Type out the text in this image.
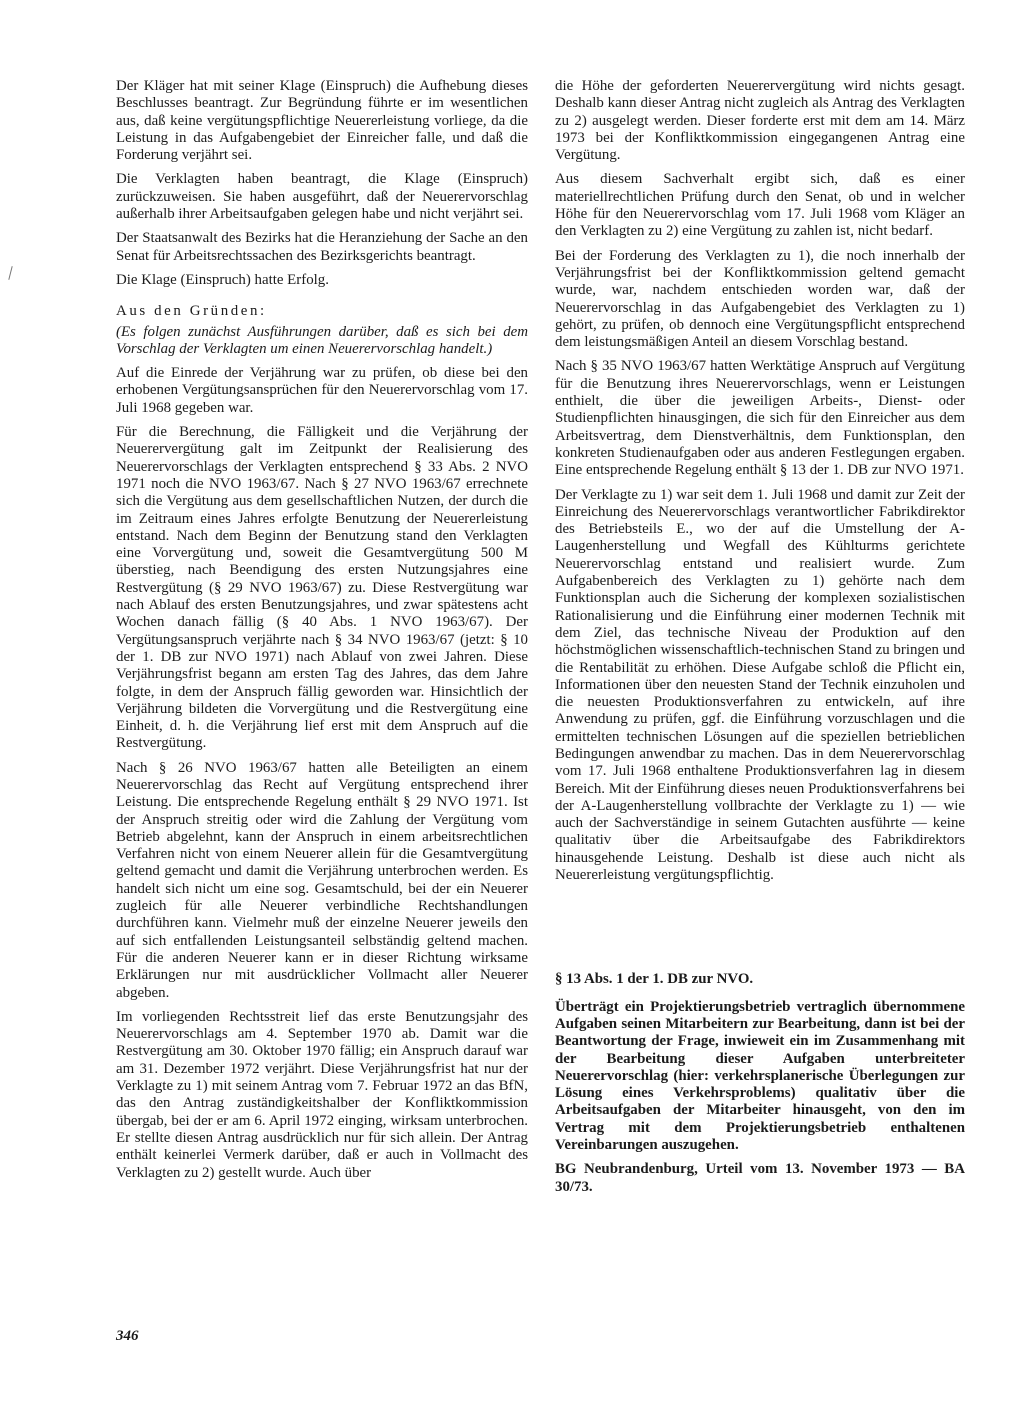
Der Kläger hat mit seiner Klage (Einspruch) die Aufhebung dieses Beschlusses beantragt. Zur Begründung führte er im wesentlichen aus, daß keine vergütungspflichtige Neuererleistung vorliege, da die Leistung in das Aufgabengebiet der Einreicher falle, und daß die Forderung verjährt sei.

Die Verklagten haben beantragt, die Klage (Einspruch) zurückzuweisen. Sie haben ausgeführt, daß der Neuerervorschlag außerhalb ihrer Arbeitsaufgaben gelegen habe und nicht verjährt sei.

Der Staatsanwalt des Bezirks hat die Heranziehung der Sache an den Senat für Arbeitsrechtssachen des Bezirksgerichts beantragt.

Die Klage (Einspruch) hatte Erfolg.

Aus den Gründen:

(Es folgen zunächst Ausführungen darüber, daß es sich bei dem Vorschlag der Verklagten um einen Neuerervorschlag handelt.)

Auf die Einrede der Verjährung war zu prüfen, ob diese bei den erhobenen Vergütungsansprüchen für den Neuerervorschlag vom 17. Juli 1968 gegeben war.

Für die Berechnung, die Fälligkeit und die Verjährung der Neuerervergütung galt im Zeitpunkt der Realisierung des Neuerervorschlags der Verklagten entsprechend § 33 Abs. 2 NVO 1971 noch die NVO 1963/67. Nach § 27 NVO 1963/67 errechnete sich die Vergütung aus dem gesellschaftlichen Nutzen, der durch die im Zeitraum eines Jahres erfolgte Benutzung der Neuererleistung entstand. Nach dem Beginn der Benutzung stand den Verklagten eine Vorvergütung und, soweit die Gesamtvergütung 500 M überstieg, nach Beendigung des ersten Nutzungsjahres eine Restvergütung (§ 29 NVO 1963/67) zu. Diese Restvergütung war nach Ablauf des ersten Benutzungsjahres, und zwar spätestens acht Wochen danach fällig (§ 40 Abs. 1 NVO 1963/67). Der Vergütungsanspruch verjährte nach § 34 NVO 1963/67 (jetzt: § 10 der 1. DB zur NVO 1971) nach Ablauf von zwei Jahren. Diese Verjährungsfrist begann am ersten Tag des Jahres, das dem Jahre folgte, in dem der Anspruch fällig geworden war. Hinsichtlich der Verjährung bildeten die Vorvergütung und die Restvergütung eine Einheit, d. h. die Verjährung lief erst mit dem Anspruch auf die Restvergütung.

Nach § 26 NVO 1963/67 hatten alle Beteiligten an einem Neuerervorschlag das Recht auf Vergütung entsprechend ihrer Leistung. Die entsprechende Regelung enthält § 29 NVO 1971. Ist der Anspruch streitig oder wird die Zahlung der Vergütung vom Betrieb abgelehnt, kann der Anspruch in einem arbeitsrechtlichen Verfahren nicht von einem Neuerer allein für die Gesamtvergütung geltend gemacht und damit die Verjährung unterbrochen werden. Es handelt sich nicht um eine sog. Gesamtschuld, bei der ein Neuerer zugleich für alle Neuerer verbindliche Rechtshandlungen durchführen kann. Vielmehr muß der einzelne Neuerer jeweils den auf sich entfallenden Leistungsanteil selbständig geltend machen. Für die anderen Neuerer kann er in dieser Richtung wirksame Erklärungen nur mit ausdrücklicher Vollmacht aller Neuerer abgeben.

Im vorliegenden Rechtsstreit lief das erste Benutzungsjahr des Neuerervorschlags am 4. September 1970 ab. Damit war die Restvergütung am 30. Oktober 1970 fällig; ein Anspruch darauf war am 31. Dezember 1972 verjährt. Diese Verjährungsfrist hat nur der Verklagte zu 1) mit seinem Antrag vom 7. Februar 1972 an das BfN, das den Antrag zuständigkeitshalber der Konfliktkommission übergab, bei der er am 6. April 1972 einging, wirksam unterbrochen. Er stellte diesen Antrag ausdrücklich nur für sich allein. Der Antrag enthält keinerlei Vermerk darüber, daß er auch in Vollmacht des Verklagten zu 2) gestellt wurde. Auch über

die Höhe der geforderten Neuerervergütung wird nichts gesagt. Deshalb kann dieser Antrag nicht zugleich als Antrag des Verklagten zu 2) ausgelegt werden. Dieser forderte erst mit dem am 14. März 1973 bei der Konfliktkommission eingegangenen Antrag eine Vergütung.

Aus diesem Sachverhalt ergibt sich, daß es einer materiellrechtlichen Prüfung durch den Senat, ob und in welcher Höhe für den Neuerervorschlag vom 17. Juli 1968 vom Kläger an den Verklagten zu 2) eine Vergütung zu zahlen ist, nicht bedarf.

Bei der Forderung des Verklagten zu 1), die noch innerhalb der Verjährungsfrist bei der Konfliktkommission geltend gemacht wurde, war, nachdem entschieden worden war, daß der Neuerervorschlag in das Aufgabengebiet des Verklagten zu 1) gehört, zu prüfen, ob dennoch eine Vergütungspflicht entsprechend dem leistungsmäßigen Anteil an diesem Vorschlag bestand.

Nach § 35 NVO 1963/67 hatten Werktätige Anspruch auf Vergütung für die Benutzung ihres Neuerervorschlags, wenn er Leistungen enthielt, die über die jeweiligen Arbeits-, Dienst- oder Studienpflichten hinausgingen, die sich für den Einreicher aus dem Arbeitsvertrag, dem Dienstverhältnis, dem Funktionsplan, den konkreten Studienaufgaben oder aus anderen Festlegungen ergaben. Eine entsprechende Regelung enthält § 13 der 1. DB zur NVO 1971.

Der Verklagte zu 1) war seit dem 1. Juli 1968 und damit zur Zeit der Einreichung des Neuerervorschlags verantwortlicher Fabrikdirektor des Betriebsteils E., wo der auf die Umstellung der A-Laugenherstellung und Wegfall des Kühlturms gerichtete Neuerervorschlag entstand und realisiert wurde. Zum Aufgabenbereich des Verklagten zu 1) gehörte nach dem Funktionsplan auch die Sicherung der komplexen sozialistischen Rationalisierung und die Einführung einer modernen Technik mit dem Ziel, das technische Niveau der Produktion auf den höchstmöglichen wissenschaftlich-technischen Stand zu bringen und die Rentabilität zu erhöhen. Diese Aufgabe schloß die Pflicht ein, Informationen über den neuesten Stand der Technik einzuholen und die neuesten Produktionsverfahren zu entwickeln, auf ihre Anwendung zu prüfen, ggf. die Einführung vorzuschlagen und die ermittelten technischen Lösungen auf die speziellen betrieblichen Bedingungen anwendbar zu machen. Das in dem Neuerervorschlag vom 17. Juli 1968 enthaltene Produktionsverfahren lag in diesem Bereich. Mit der Einführung dieses neuen Produktionsverfahrens bei der A-Laugenherstellung vollbrachte der Verklagte zu 1) — wie auch der Sachverständige in seinem Gutachten ausführte — keine qualitativ über die Arbeitsaufgabe des Fabrikdirektors hinausgehende Leistung. Deshalb ist diese auch nicht als Neuererleistung vergütungspflichtig.

§ 13 Abs. 1 der 1. DB zur NVO.

Überträgt ein Projektierungsbetrieb vertraglich übernommene Aufgaben seinen Mitarbeitern zur Bearbeitung, dann ist bei der Beantwortung der Frage, inwieweit ein im Zusammenhang mit der Bearbeitung dieser Aufgaben unterbreiteter Neuerervorschlag (hier: verkehrsplanerische Überlegungen zur Lösung eines Verkehrsproblems) qualitativ über die Arbeitsaufgaben der Mitarbeiter hinausgeht, von den im Vertrag mit dem Projektierungsbetrieb enthaltenen Vereinbarungen auszugehen.

BG Neubrandenburg, Urteil vom 13. November 1973 — BA 30/73.

346
